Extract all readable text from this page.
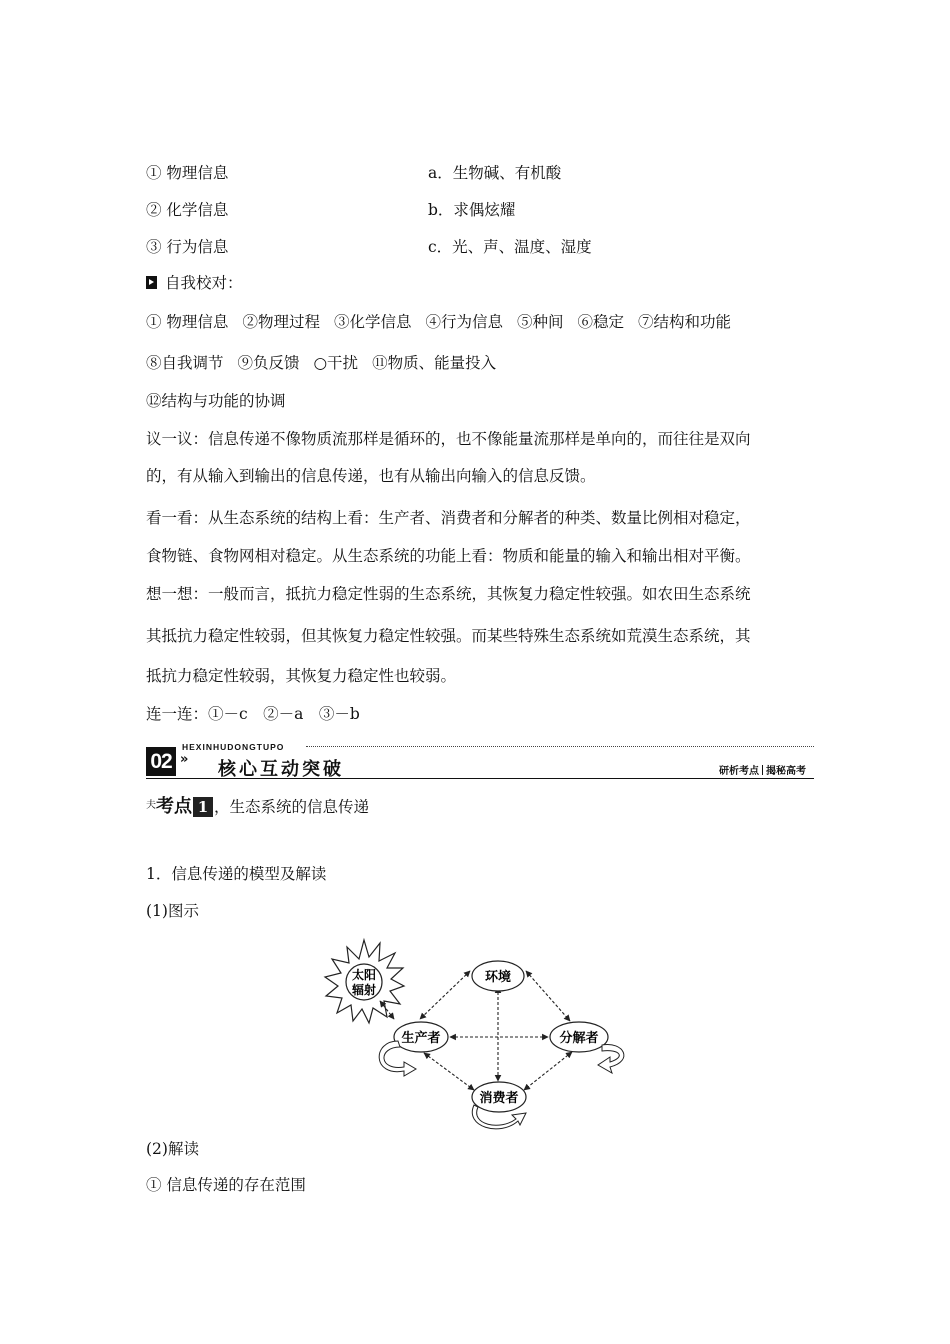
① 物理信息	a．生物碱、有机酸
② 化学信息	b．求偶炫耀
③ 行为信息	c．光、声、温度、湿度
自我校对：
① 物理信息 ②物理过程 ③化学信息 ④行为信息 ⑤种间 ⑥稳定 ⑦结构和功能
⑧自我调节 ⑨负反馈 ○干扰 ⑪物质、能量投入
⑫结构与功能的协调
议一议：信息传递不像物质流那样是循环的，也不像能量流那样是单向的，而往往是双向
的，有从输入到输出的信息传递，也有从输出向输入的信息反馈。
看一看：从生态系统的结构上看：生产者、消费者和分解者的种类、数量比例相对稳定，
食物链、食物网相对稳定。从生态系统的功能上看：物质和能量的输入和输出相对平衡。
想一想：一般而言，抵抗力稳定性弱的生态系统，其恢复力稳定性较强。如农田生态系统
其抵抗力稳定性较弱，但其恢复力稳定性较强。而某些特殊生态系统如荒漠生态系统，其
抵抗力稳定性较弱，其恢复力稳定性也较弱。
连一连：①－c　②－a　③－b
02 »
HEXINHUDONGTUPO
核心互动突破	研析考点 揭秘高考
$^夫$考点 1 ，生态系统的信息传递
1．信息传递的模型及解读
(1)图示
太阳
辐射
环境
生产者	分解者
消费者
(2)解读
① 信息传递的存在范围
